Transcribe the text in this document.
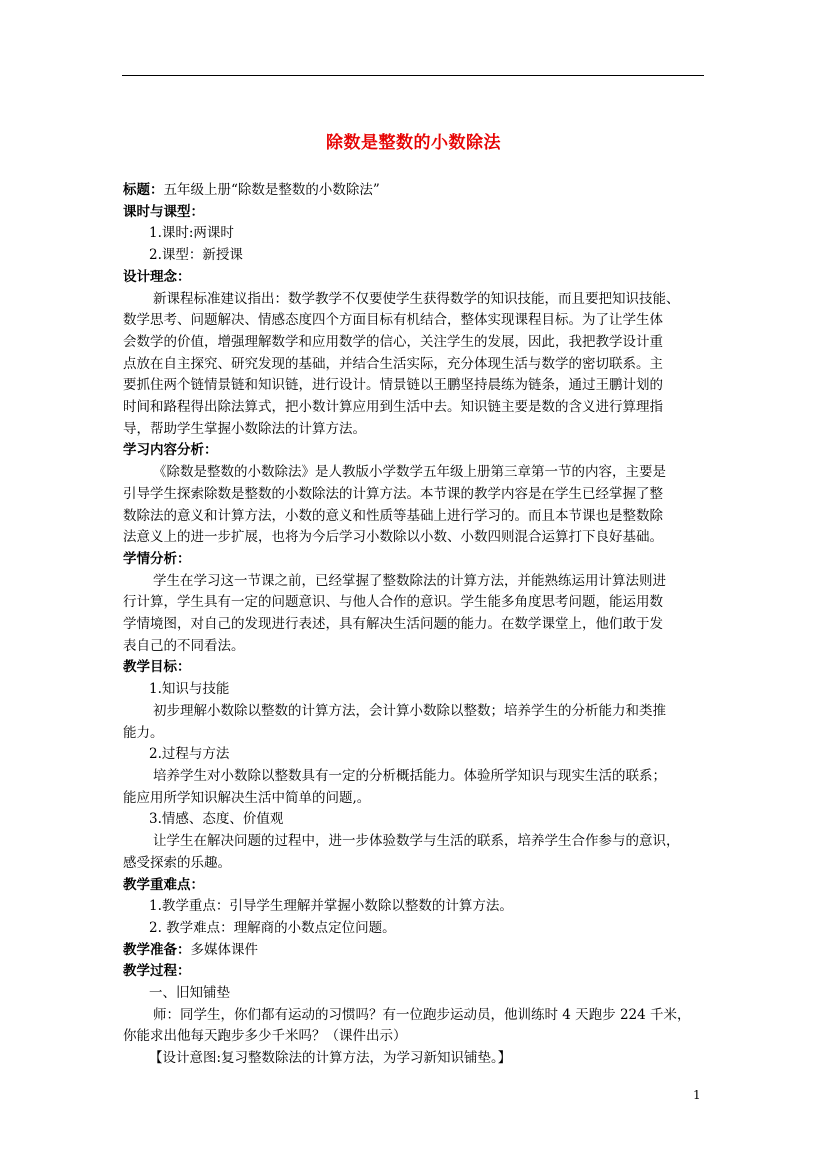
除数是整数的小数除法

标题：五年级上册“除数是整数的小数除法”

课时与课型：

1.课时:两课时

2.课型：新授课

设计理念：

新课程标准建议指出：数学教学不仅要使学生获得数学的知识技能，而且要把知识技能、

数学思考、问题解决、情感态度四个方面目标有机结合，整体实现课程目标。为了让学生体

会数学的价值，增强理解数学和应用数学的信心，关注学生的发展，因此，我把教学设计重

点放在自主探究、研究发现的基础，并结合生活实际，充分体现生活与数学的密切联系。主

要抓住两个链情景链和知识链，进行设计。情景链以王鹏坚持晨练为链条，通过王鹏计划的

时间和路程得出除法算式，把小数计算应用到生活中去。知识链主要是数的含义进行算理指

导，帮助学生掌握小数除法的计算方法。

学习内容分析：

《除数是整数的小数除法》是人教版小学数学五年级上册第三章第一节的内容，主要是

引导学生探索除数是整数的小数除法的计算方法。本节课的教学内容是在学生已经掌握了整

数除法的意义和计算方法，小数的意义和性质等基础上进行学习的。而且本节课也是整数除

法意义上的进一步扩展，也将为今后学习小数除以小数、小数四则混合运算打下良好基础。

学情分析：

学生在学习这一节课之前，已经掌握了整数除法的计算方法，并能熟练运用计算法则进

行计算，学生具有一定的问题意识、与他人合作的意识。学生能多角度思考问题，能运用数

学情境图，对自己的发现进行表述，具有解决生活问题的能力。在数学课堂上，他们敢于发

表自己的不同看法。

教学目标：

1.知识与技能

初步理解小数除以整数的计算方法，会计算小数除以整数；培养学生的分析能力和类推

能力。

2.过程与方法

培养学生对小数除以整数具有一定的分析概括能力。体验所学知识与现实生活的联系；

能应用所学知识解决生活中简单的问题,。

3.情感、态度、价值观

让学生在解决问题的过程中，进一步体验数学与生活的联系，培养学生合作参与的意识，

感受探索的乐趣。

教学重难点：

1.教学重点：引导学生理解并掌握小数除以整数的计算方法。

2. 教学难点：理解商的小数点定位问题。

教学准备：多媒体课件

教学过程：

一、旧知铺垫

师：同学生，你们都有运动的习惯吗？有一位跑步运动员，他训练时 4 天跑步 224 千米，

你能求出他每天跑步多少千米吗？（课件出示）

【设计意图:复习整数除法的计算方法，为学习新知识铺垫。】

1
